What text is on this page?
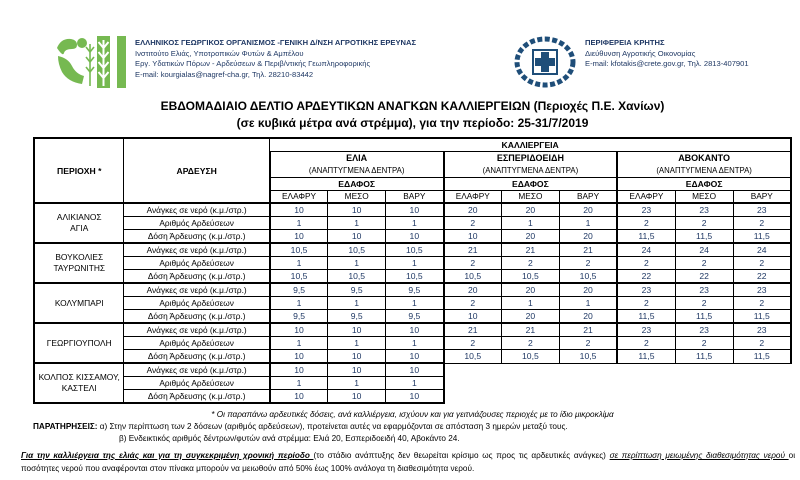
ΕΛΛΗΝΙΚΟΣ ΓΕΩΡΓΙΚΟΣ ΟΡΓΑΝΙΣΜΟΣ -ΓΕΝΙΚΗ Δ/ΝΣΗ ΑΓΡΟΤΙΚΗΣ ΕΡΕΥΝΑΣ
Ινστιτούτο Ελιάς, Υποτροπικών Φυτών & Αμπέλου
Εργ. Υδατικών Πόρων - Αρδεύσεων & Περιβ/ντικής Γεωπληροφορικής
E-mail: kourgialas@nagref-cha.gr, Τηλ. 28210-83442
ΠΕΡΙΦΕΡΕΙΑ ΚΡΗΤΗΣ
Διεύθυνση Αγροτικής Οικονομίας
E-mail: kfotakis@crete.gov.gr, Τηλ. 2813-407901
ΕΒΔΟΜΑΔΙΑΙΟ ΔΕΛΤΙΟ ΑΡΔΕΥΤΙΚΩΝ ΑΝΑΓΚΩΝ ΚΑΛΛΙΕΡΓΕΙΩΝ (Περιοχές Π.Ε. Χανίων)
(σε κυβικά μέτρα ανά στρέμμα), για την περίοδο: 25-31/7/2019
ΠΕΡΙΟΧΗ *	ΑΡΔΕΥΣΗ	ΚΑΛΛΙΕΡΓΕΙΑ								
		ΕΛΙΑ
(ΑΝΑΠΤΥΓΜΕΝΑ ΔΕΝΤΡΑ)			ΕΣΠΕΡΙΔΟΕΙΔΗ
(ΑΝΑΠΤΥΓΜΕΝΑ ΔΕΝΤΡΑ)			ΑΒΟΚΑΝΤΟ
(ΑΝΑΠΤΥΓΜΕΝΑ ΔΕΝΤΡΑ)		
		ΕΔΑΦΟΣ			ΕΔΑΦΟΣ			ΕΔΑΦΟΣ		
		ΕΛΑΦΡΥ	ΜΕΣΟ	ΒΑΡΥ	ΕΛΑΦΡΥ	ΜΕΣΟ	ΒΑΡΥ	ΕΛΑΦΡΥ	ΜΕΣΟ	ΒΑΡΥ
ΑΛΙΚΙΑΝΟΣ
ΑΓΙΑ	Ανάγκες σε νερό (κ.μ./στρ.)	10	10	10	20	20	20	23	23	23
	Αριθμός Αρδεύσεων	1	1	1	2	1	1	2	2	2
	Δόση Άρδευσης (κ.μ./στρ.)	10	10	10	10	20	20	11,5	11,5	11,5
ΒΟΥΚΟΛΙΕΣ
ΤΑΥΡΩΝΙΤΗΣ	Ανάγκες σε νερό (κ.μ./στρ.)	10,5	10,5	10,5	21	21	21	24	24	24
	Αριθμός Αρδεύσεων	1	1	1	2	2	2	2	2	2
	Δόση Άρδευσης (κ.μ./στρ.)	10,5	10,5	10,5	10,5	10,5	10,5	22	22	22
ΚΟΛΥΜΠΑΡΙ	Ανάγκες σε νερό (κ.μ./στρ.)	9,5	9,5	9,5	20	20	20	23	23	23
	Αριθμός Αρδεύσεων	1	1	1	2	1	1	2	2	2
	Δόση Άρδευσης (κ.μ./στρ.)	9,5	9,5	9,5	10	20	20	11,5	11,5	11,5
ΓΕΩΡΓΙΟΥΠΟΛΗ	Ανάγκες σε νερό (κ.μ./στρ.)	10	10	10	21	21	21	23	23	23
	Αριθμός Αρδεύσεων	1	1	1	2	2	2	2	2	2
	Δόση Άρδευσης (κ.μ./στρ.)	10	10	10	10,5	10,5	10,5	11,5	11,5	11,5
ΚΟΛΠΟΣ ΚΙΣΣΑΜΟΥ,
ΚΑΣΤΕΛΙ	Ανάγκες σε νερό (κ.μ./στρ.)	10	10	10						
	Αριθμός Αρδεύσεων	1	1	1						
	Δόση Άρδευσης (κ.μ./στρ.)	10	10	10						
* Οι παραπάνω αρδευτικές δόσεις, ανά καλλιέργεια, ισχύουν και για γειτνιάζουσες περιοχές με το ίδιο μικροκλίμα
ΠΑΡΑΤΗΡΗΣΕΙΣ: α) Στην περίπτωση των 2 δόσεων (αριθμός αρδεύσεων), προτείνεται αυτές να εφαρμόζονται σε απόσταση 3 ημερών μεταξύ τους.
β) Ενδεικτικός αριθμός δέντρων/φυτών ανά στρέμμα: Ελιά 20, Εσπεριδοειδή 40, Αβοκάντο 24.
Για την καλλιέργεια της ελιάς και για τη συγκεκριμένη χρονική περίοδο (το στάδιο ανάπτυξης δεν θεωρείται κρίσιμο ως προς τις αρδευτικές ανάγκες) σε περίπτωση μειωμένης διαθεσιμότητας νερού οι ποσότητες νερού που αναφέρονται στον πίνακα μπορούν να μειωθούν από 50% έως 100% ανάλογα τη διαθεσιμότητα νερού.
